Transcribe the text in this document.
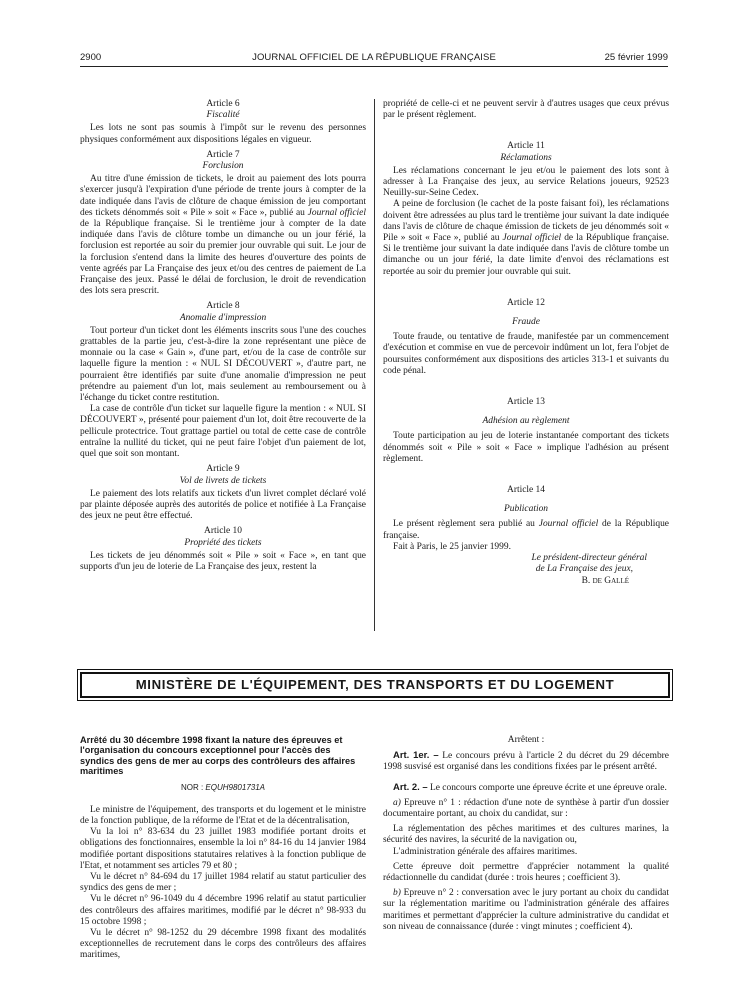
2900	JOURNAL OFFICIEL DE LA RÉPUBLIQUE FRANÇAISE	25 février 1999

Article 6

Fiscalité

Les lots ne sont pas soumis à l'impôt sur le revenu des personnes physiques conformément aux dispositions légales en vigueur.

Article 7

Forclusion

Au titre d'une émission de tickets, le droit au paiement des lots pourra s'exercer jusqu'à l'expiration d'une période de trente jours à compter de la date indiquée dans l'avis de clôture de chaque émission de jeu comportant des tickets dénommés soit « Pile » soit « Face », publié au Journal officiel de la République française. Si le trentième jour à compter de la date indiquée dans l'avis de clôture tombe un dimanche ou un jour férié, la forclusion est reportée au soir du premier jour ouvrable qui suit. Le jour de la forclusion s'entend dans la limite des heures d'ouverture des points de vente agréés par La Française des jeux et/ou des centres de paiement de La Française des jeux. Passé le délai de forclusion, le droit de revendication des lots sera prescrit.

Article 8

Anomalie d'impression

Tout porteur d'un ticket dont les éléments inscrits sous l'une des couches grattables de la partie jeu, c'est-à-dire la zone représentant une pièce de monnaie ou la case « Gain », d'une part, et/ou de la case de contrôle sur laquelle figure la mention : « NUL SI DÉCOUVERT », d'autre part, ne pourraient être identifiés par suite d'une anomalie d'impression ne peut prétendre au paiement d'un lot, mais seulement au remboursement ou à l'échange du ticket contre restitution.

La case de contrôle d'un ticket sur laquelle figure la mention : « NUL SI DÉCOUVERT », présenté pour paiement d'un lot, doit être recouverte de la pellicule protectrice. Tout grattage partiel ou total de cette case de contrôle entraîne la nullité du ticket, qui ne peut faire l'objet d'un paiement de lot, quel que soit son montant.

Article 9

Vol de livrets de tickets

Le paiement des lots relatifs aux tickets d'un livret complet déclaré volé par plainte déposée auprès des autorités de police et notifiée à La Française des jeux ne peut être effectué.

Article 10

Propriété des tickets

Les tickets de jeu dénommés soit « Pile » soit « Face », en tant que supports d'un jeu de loterie de La Française des jeux, restent la

propriété de celle-ci et ne peuvent servir à d'autres usages que ceux prévus par le présent règlement.

Article 11

Réclamations

Les réclamations concernant le jeu et/ou le paiement des lots sont à adresser à La Française des jeux, au service Relations joueurs, 92523 Neuilly-sur-Seine Cedex.

A peine de forclusion (le cachet de la poste faisant foi), les réclamations doivent être adressées au plus tard le trentième jour suivant la date indiquée dans l'avis de clôture de chaque émission de tickets de jeu dénommés soit « Pile » soit « Face », publié au Journal officiel de la République française. Si le trentième jour suivant la date indiquée dans l'avis de clôture tombe un dimanche ou un jour férié, la date limite d'envoi des réclamations est reportée au soir du premier jour ouvrable qui suit.

Article 12

Fraude

Toute fraude, ou tentative de fraude, manifestée par un commencement d'exécution et commise en vue de percevoir indûment un lot, fera l'objet de poursuites conformément aux dispositions des articles 313-1 et suivants du code pénal.

Article 13

Adhésion au règlement

Toute participation au jeu de loterie instantanée comportant des tickets dénommés soit « Pile » soit « Face » implique l'adhésion au présent règlement.

Article 14

Publication

Le présent règlement sera publié au Journal officiel de la République française.

Fait à Paris, le 25 janvier 1999.

Le président-directeur général

de La Française des jeux,

B. de Gallé

MINISTÈRE DE L'ÉQUIPEMENT, DES TRANSPORTS ET DU LOGEMENT

Arrêté du 30 décembre 1998 fixant la nature des épreuves et l'organisation du concours exceptionnel pour l'accès des syndics des gens de mer au corps des contrôleurs des affaires maritimes

NOR : EQUH9801731A

Le ministre de l'équipement, des transports et du logement et le ministre de la fonction publique, de la réforme de l'Etat et de la décentralisation,

Vu la loi n° 83-634 du 23 juillet 1983 modifiée portant droits et obligations des fonctionnaires, ensemble la loi n° 84-16 du 14 janvier 1984 modifiée portant dispositions statutaires relatives à la fonction publique de l'Etat, et notamment ses articles 79 et 80 ;

Vu le décret n° 84-694 du 17 juillet 1984 relatif au statut particulier des syndics des gens de mer ;

Vu le décret n° 96-1049 du 4 décembre 1996 relatif au statut particulier des contrôleurs des affaires maritimes, modifié par le décret n° 98-933 du 15 octobre 1998 ;

Vu le décret n° 98-1252 du 29 décembre 1998 fixant des modalités exceptionnelles de recrutement dans le corps des contrôleurs des affaires maritimes,

Arrêtent :

Art. 1er. – Le concours prévu à l'article 2 du décret du 29 décembre 1998 susvisé est organisé dans les conditions fixées par le présent arrêté.

Art. 2. – Le concours comporte une épreuve écrite et une épreuve orale.

a) Epreuve n° 1 : rédaction d'une note de synthèse à partir d'un dossier documentaire portant, au choix du candidat, sur :

La réglementation des pêches maritimes et des cultures marines, la sécurité des navires, la sécurité de la navigation ou,

L'administration générale des affaires maritimes.

Cette épreuve doit permettre d'apprécier notamment la qualité rédactionnelle du candidat (durée : trois heures ; coefficient 3).

b) Epreuve n° 2 : conversation avec le jury portant au choix du candidat sur la réglementation maritime ou l'administration générale des affaires maritimes et permettant d'apprécier la culture administrative du candidat et son niveau de connaissance (durée : vingt minutes ; coefficient 4).
